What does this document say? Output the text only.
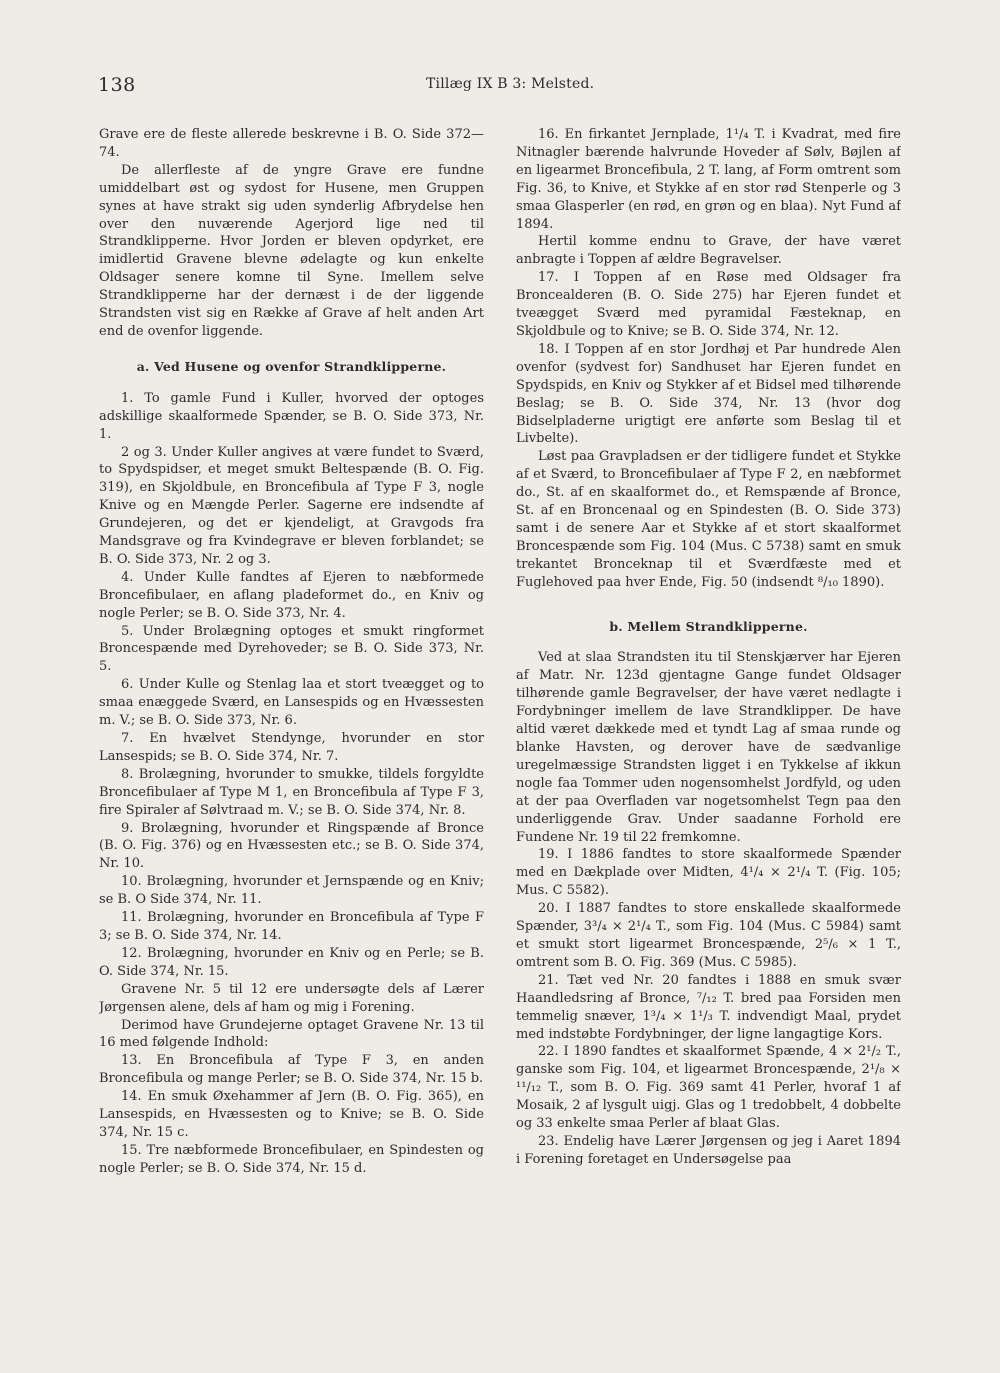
138	Tillæg IX B 3: Melsted.

Grave ere de fleste allerede beskrevne i B. O. Side 372—74.

De allerfleste af de yngre Grave ere fundne umiddelbart øst og sydost for Husene, men Gruppen synes at have strakt sig uden synderlig Afbrydelse hen over den nuværende Agerjord lige ned til Strandklipperne. Hvor Jorden er bleven opdyrket, ere imidlertid Gravene blevne ødelagte og kun enkelte Oldsager senere komne til Syne. Imellem selve Strandklipperne har der dernæst i de der liggende Strandsten vist sig en Række af Grave af helt anden Art end de ovenfor liggende.

a. Ved Husene og ovenfor Strandklipperne.

1. To gamle Fund i Kuller, hvorved der optoges adskillige skaalformede Spænder, se B. O. Side 373, Nr. 1.

2 og 3. Under Kuller angives at være fundet to Sværd, to Spydspidser, et meget smukt Beltespænde (B. O. Fig. 319), en Skjoldbule, en Broncefibula af Type F 3, nogle Knive og en Mængde Perler. Sagerne ere indsendte af Grundejeren, og det er kjendeligt, at Gravgods fra Mandsgrave og fra Kvindegrave er bleven forblandet; se B. O. Side 373, Nr. 2 og 3.

4. Under Kulle fandtes af Ejeren to næbformede Broncefibulaer, en aflang pladeformet do., en Kniv og nogle Perler; se B. O. Side 373, Nr. 4.

5. Under Brolægning optoges et smukt ringformet Broncespænde med Dyrehoveder; se B. O. Side 373, Nr. 5.

6. Under Kulle og Stenlag laa et stort tveægget og to smaa enæggede Sværd, en Lansespids og en Hvæssesten m. V.; se B. O. Side 373, Nr. 6.

7. En hvælvet Stendynge, hvorunder en stor Lansespids; se B. O. Side 374, Nr. 7.

8. Brolægning, hvorunder to smukke, tildels forgyldte Broncefibulaer af Type M 1, en Broncefibula af Type F 3, fire Spiraler af Sølvtraad m. V.; se B. O. Side 374, Nr. 8.

9. Brolægning, hvorunder et Ringspænde af Bronce (B. O. Fig. 376) og en Hvæssesten etc.; se B. O. Side 374, Nr. 10.

10. Brolægning, hvorunder et Jernspænde og en Kniv; se B. O Side 374, Nr. 11.

11. Brolægning, hvorunder en Broncefibula af Type F 3; se B. O. Side 374, Nr. 14.

12. Brolægning, hvorunder en Kniv og en Perle; se B. O. Side 374, Nr. 15.

Gravene Nr. 5 til 12 ere undersøgte dels af Lærer Jørgensen alene, dels af ham og mig i Forening.

Derimod have Grundejerne optaget Gravene Nr. 13 til 16 med følgende Indhold:

13. En Broncefibula af Type F 3, en anden Broncefibula og mange Perler; se B. O. Side 374, Nr. 15 b.

14. En smuk Øxehammer af Jern (B. O. Fig. 365), en Lansespids, en Hvæssesten og to Knive; se B. O. Side 374, Nr. 15 c.

15. Tre næbformede Broncefibulaer, en Spindesten og nogle Perler; se B. O. Side 374, Nr. 15 d.

16. En firkantet Jernplade, 1¹/₄ T. i Kvadrat, med fire Nitnagler bærende halvrunde Hoveder af Sølv, Bøjlen af en ligearmet Broncefibula, 2 T. lang, af Form omtrent som Fig. 36, to Knive, et Stykke af en stor rød Stenperle og 3 smaa Glasperler (en rød, en grøn og en blaa). Nyt Fund af 1894.

Hertil komme endnu to Grave, der have været anbragte i Toppen af ældre Begravelser.

17. I Toppen af en Røse med Oldsager fra Broncealderen (B. O. Side 275) har Ejeren fundet et tveægget Sværd med pyramidal Fæsteknap, en Skjoldbule og to Knive; se B. O. Side 374, Nr. 12.

18. I Toppen af en stor Jordhøj et Par hundrede Alen ovenfor (sydvest for) Sandhuset har Ejeren fundet en Spydspids, en Kniv og Stykker af et Bidsel med tilhørende Beslag; se B. O. Side 374, Nr. 13 (hvor dog Bidselpladerne urigtigt ere anførte som Beslag til et Livbelte).

Løst paa Gravpladsen er der tidligere fundet et Stykke af et Sværd, to Broncefibulaer af Type F 2, en næbformet do., St. af en skaalformet do., et Remspænde af Bronce, St. af en Broncenaal og en Spindesten (B. O. Side 373) samt i de senere Aar et Stykke af et stort skaalformet Broncespænde som Fig. 104 (Mus. C 5738) samt en smuk trekantet Bronceknap til et Sværdfæste med et Fuglehoved paa hver Ende, Fig. 50 (indsendt ⁸/₁₀ 1890).

b. Mellem Strandklipperne.

Ved at slaa Strandsten itu til Stenskjærver har Ejeren af Matr. Nr. 123d gjentagne Gange fundet Oldsager tilhørende gamle Begravelser, der have været nedlagte i Fordybninger imellem de lave Strandklipper. De have altid været dækkede med et tyndt Lag af smaa runde og blanke Havsten, og derover have de sædvanlige uregelmæssige Strandsten ligget i en Tykkelse af ikkun nogle faa Tommer uden nogensomhelst Jordfyld, og uden at der paa Overfladen var nogetsomhelst Tegn paa den underliggende Grav. Under saadanne Forhold ere Fundene Nr. 19 til 22 fremkomne.

19. I 1886 fandtes to store skaalformede Spænder med en Dækplade over Midten, 4¹/₄ × 2¹/₄ T. (Fig. 105; Mus. C 5582).

20. I 1887 fandtes to store enskallede skaalformede Spænder, 3³/₄ × 2¹/₄ T., som Fig. 104 (Mus. C 5984) samt et smukt stort ligearmet Broncespænde, 2⁵/₆ × 1 T., omtrent som B. O. Fig. 369 (Mus. C 5985).

21. Tæt ved Nr. 20 fandtes i 1888 en smuk svær Haandledsring af Bronce, ⁷/₁₂ T. bred paa Forsiden men temmelig snæver, 1³/₄ × 1¹/₃ T. indvendigt Maal, prydet med indstøbte Fordybninger, der ligne langagtige Kors.

22. I 1890 fandtes et skaalformet Spænde, 4 × 2¹/₂ T., ganske som Fig. 104, et ligearmet Broncespænde, 2¹/₈ × ¹¹/₁₂ T., som B. O. Fig. 369 samt 41 Perler, hvoraf 1 af Mosaik, 2 af lysgult uigj. Glas og 1 tredobbelt, 4 dobbelte og 33 enkelte smaa Perler af blaat Glas.

23. Endelig have Lærer Jørgensen og jeg i Aaret 1894 i Forening foretaget en Undersøgelse paa
